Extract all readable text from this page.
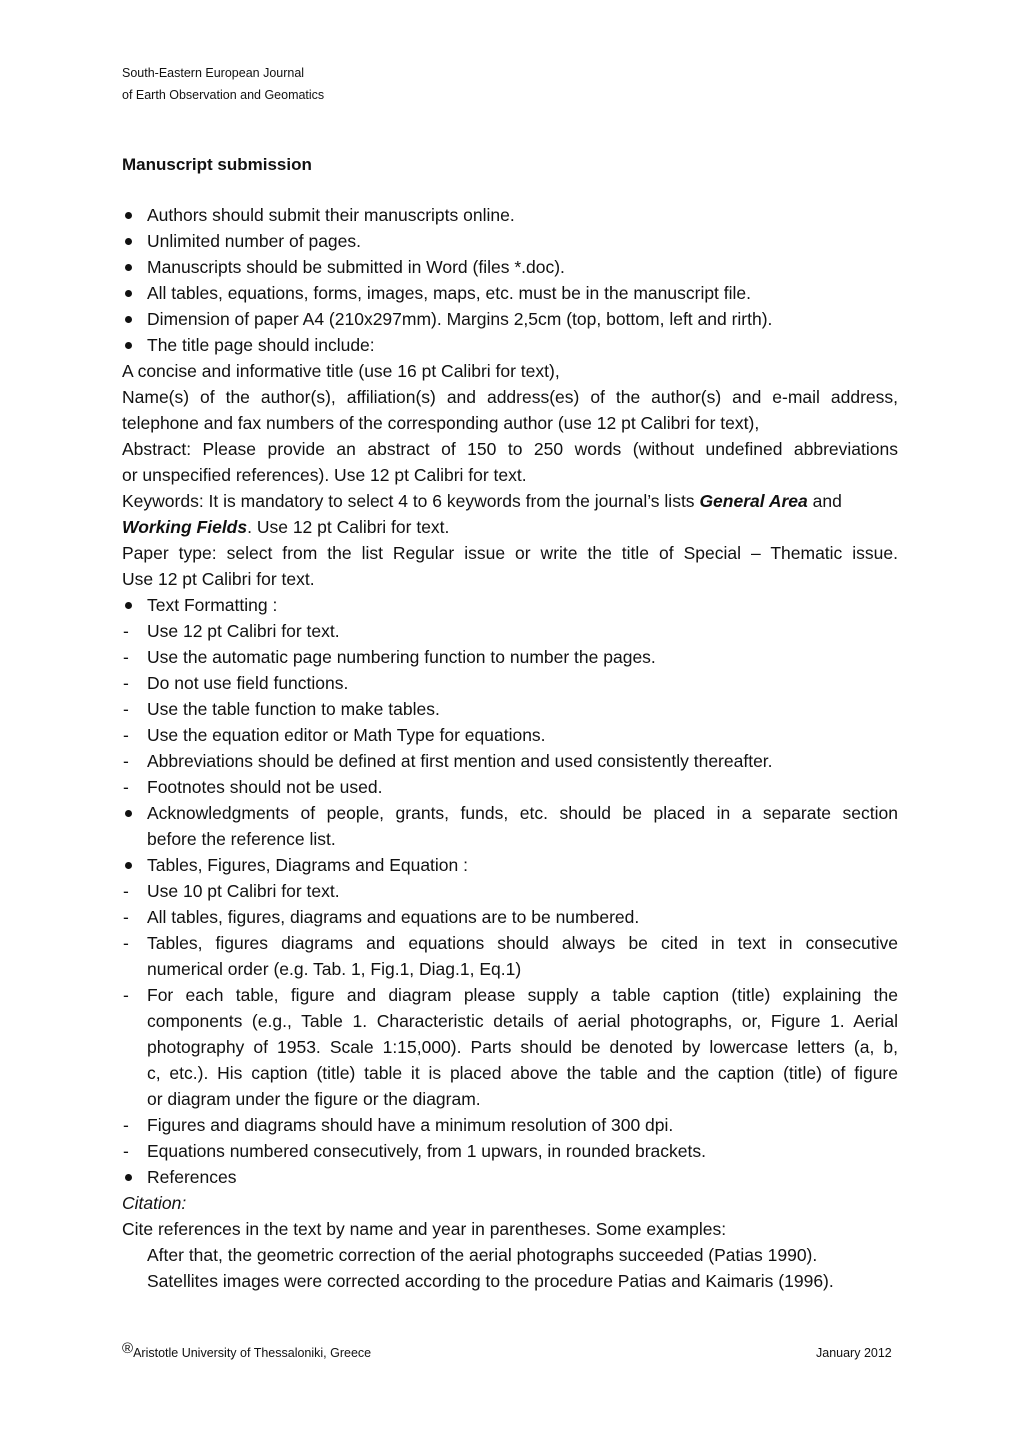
South-Eastern European Journal
of Earth Observation and Geomatics
Manuscript submission
Authors should submit their manuscripts online.
Unlimited number of pages.
Manuscripts should be submitted in Word (files *.doc).
All tables, equations, forms, images, maps, etc. must be in the manuscript file.
Dimension of paper A4 (210x297mm). Margins 2,5cm (top, bottom, left and rirth).
The title page should include:
A concise and informative title (use 16 pt Calibri for text),
Name(s) of the author(s), affiliation(s) and address(es) of the author(s) and e-mail address,
telephone and fax numbers of the corresponding author (use 12 pt Calibri for text),
Abstract: Please provide an abstract of 150 to 250 words (without undefined abbreviations
or unspecified references). Use 12 pt Calibri for text.
Keywords: It is mandatory to select 4 to 6 keywords from the journal’s lists General Area and
Working Fields. Use 12 pt Calibri for text.
Paper type: select from the list Regular issue or write the title of Special – Thematic issue.
Use 12 pt Calibri for text.
Text Formatting :
- Use 12 pt Calibri for text.
- Use the automatic page numbering function to number the pages.
- Do not use field functions.
- Use the table function to make tables.
- Use the equation editor or Math Type for equations.
- Abbreviations should be defined at first mention and used consistently thereafter.
- Footnotes should not be used.
Acknowledgments of people, grants, funds, etc. should be placed in a separate section
before the reference list.
Tables, Figures, Diagrams and Equation :
- Use 10 pt Calibri for text.
- All tables, figures, diagrams and equations are to be numbered.
- Tables, figures diagrams and equations should always be cited in text in consecutive
numerical order (e.g. Tab. 1, Fig.1, Diag.1, Eq.1)
- For each table, figure and diagram please supply a table caption (title) explaining the
components (e.g., Table 1. Characteristic details of aerial photographs, or, Figure 1. Aerial
photography of 1953. Scale 1:15,000). Parts should be denoted by lowercase letters (a, b,
c, etc.). His caption (title) table it is placed above the table and the caption (title) of figure
or diagram under the figure or the diagram.
- Figures and diagrams should have a minimum resolution of 300 dpi.
- Equations numbered consecutively, from 1 upwars, in rounded brackets.
References
Citation:
Cite references in the text by name and year in parentheses. Some examples:
After that, the geometric correction of the aerial photographs succeeded (Patias 1990).
Satellites images were corrected according to the procedure Patias and Kaimaris (1996).
®Aristotle University of Thessaloniki, Greece	January 2012
